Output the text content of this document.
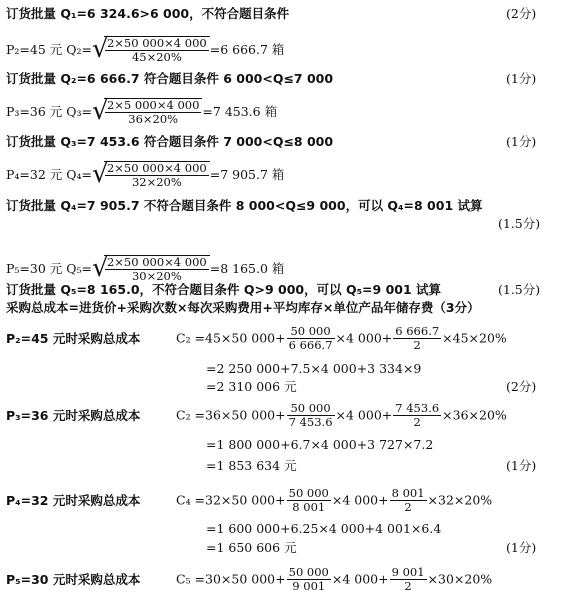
订货批量 Q₁=6 324.6>6 000，不符合题目条件	(2分)
P₂=45 元 Q₂= √
$\frac{2\times 50 000\times 4 000}{45\times 20\%} =6$ 666.7 箱
订货批量 Q₂=6 666.7 符合题目条件 6 000<Q≤7 000	(1分)
P₃=36 元 Q₃= √
$\frac{2\times 5 000\times 4 000}{36\times 20\%} =7$ 453.6 箱
订货批量 Q₃=7 453.6 符合题目条件 7 000<Q≤8 000	(1分)
P₄=32 元 Q₄= √
$\frac{2\times 50 000\times 4 000}{32\times 20\%} =7$ 905.7 箱
订货批量 Q₄=7 905.7 不符合题目条件 8 000<Q≤9 000，可以 Q₄=8 001 试算
(1.5分)
P₅=30 元 Q₅= √
$\frac{2\times 50 000\times 4 000}{30\times 20\%} =8$ 165.0 箱
订货批量 Q₅=8 165.0，不符合题目条件 Q>9 000，可以 Q₅=9 001 试算	(1.5分)
采购总成本=进货价+采购次数×每次采购费用+平均库存×单位产品年储存费（3分）
P₂=45 元时采购总成本	C₂ =45×50 $000+ \frac{50 000}{6 666.7} \times 4$ $000+ \frac{6 666.7}{2} \times 45\times 20\%$
=2 250 000+7.5×4 000+3 334×9
=2 310 006 元	(2分)
P₃=36 元时采购总成本	C₂ =36×50 $000+ \frac{50 000}{7 453.6} \times 4$ $000+ \frac{7 453.6}{2} \times 36\times 20\%$
=1 800 000+6.7×4 000+3 727×7.2
=1 853 634 元	(1分)
P₄=32 元时采购总成本	C₄ =32×50 $000+ \frac{50 000}{8 001} \times 4$ $000+ \frac{8 001}{2} \times 32\times 20\%$
=1 600 000+6.25×4 000+4 001×6.4
=1 650 606 元	(1分)
P₅=30 元时采购总成本	C₅ =30×50 $000+ \frac{50 000}{9 001} \times 4$ $000+ \frac{9 001}{2} \times 30\times 20\%$
